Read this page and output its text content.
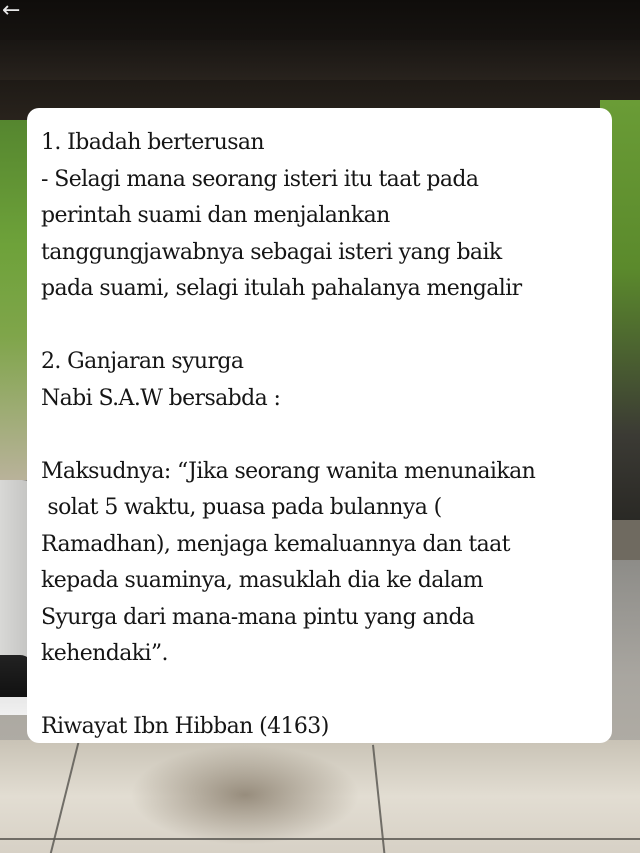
←
1. Ibadah berterusan
- Selagi mana seorang isteri itu taat pada
perintah suami dan menjalankan
tanggungjawabnya sebagai isteri yang baik
pada suami, selagi itulah pahalanya mengalir
2. Ganjaran syurga
Nabi S.A.W bersabda :
Maksudnya: “Jika seorang wanita menunaikan
solat 5 waktu, puasa pada bulannya (
Ramadhan), menjaga kemaluannya dan taat
kepada suaminya, masuklah dia ke dalam
Syurga dari mana-mana pintu yang anda
kehendaki”.
Riwayat Ibn Hibban (4163)
